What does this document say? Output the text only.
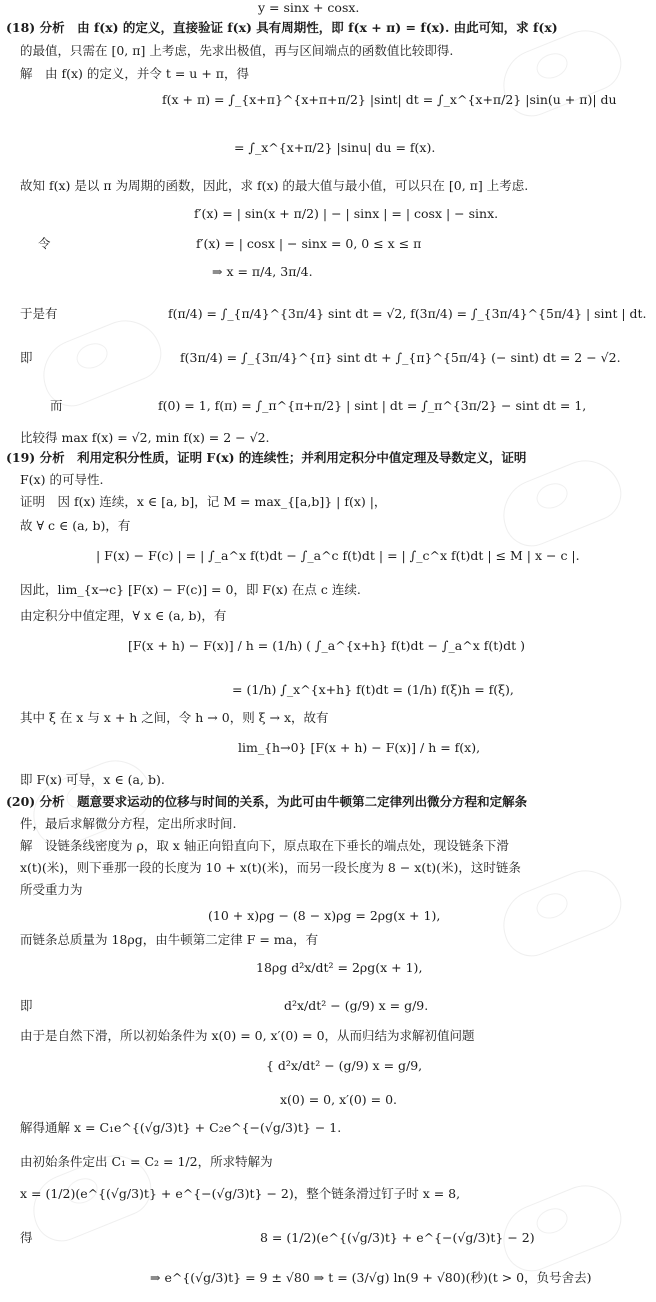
y = sinx + cosx.
(18) 分析　由 f(x) 的定义，直接验证 f(x) 具有周期性，即 f(x + π) = f(x). 由此可知，求 f(x)
的最值，只需在 [0, π] 上考虑，先求出极值，再与区间端点的函数值比较即得.
解　由 f(x) 的定义，并令 t = u + π，得
f(x + π) = ∫_{x+π}^{x+π+π/2} |sint| dt = ∫_x^{x+π/2} |sin(u + π)| du
= ∫_x^{x+π/2} |sinu| du = f(x).
故知 f(x) 是以 π 为周期的函数，因此，求 f(x) 的最大值与最小值，可以只在 [0, π] 上考虑.
f′(x) = | sin(x + π/2) | − | sinx | = | cosx | − sinx.
令	f′(x) = | cosx | − sinx = 0, 0 ≤ x ≤ π
⇒ x = π/4, 3π/4.
于是有	f(π/4) = ∫_{π/4}^{3π/4} sint dt = √2, f(3π/4) = ∫_{3π/4}^{5π/4} | sint | dt.
即	f(3π/4) = ∫_{3π/4}^{π} sint dt + ∫_{π}^{5π/4} (− sint) dt = 2 − √2.
而	f(0) = 1, f(π) = ∫_π^{π+π/2} | sint | dt = ∫_π^{3π/2} − sint dt = 1,
比较得 max f(x) = √2, min f(x) = 2 − √2.
(19) 分析　利用定积分性质，证明 F(x) 的连续性；并利用定积分中值定理及导数定义，证明
F(x) 的可导性.
证明　因 f(x) 连续，x ∈ [a, b]，记 M = max_{[a,b]} | f(x) |，
故 ∀ c ∈ (a, b)，有
| F(x) − F(c) | = | ∫_a^x f(t)dt − ∫_a^c f(t)dt | = | ∫_c^x f(t)dt | ≤ M | x − c |.
因此，lim_{x→c} [F(x) − F(c)] = 0，即 F(x) 在点 c 连续.
由定积分中值定理，∀ x ∈ (a, b)，有
[F(x + h) − F(x)] / h = (1/h) ( ∫_a^{x+h} f(t)dt − ∫_a^x f(t)dt )
= (1/h) ∫_x^{x+h} f(t)dt = (1/h) f(ξ)h = f(ξ),
其中 ξ 在 x 与 x + h 之间，令 h → 0，则 ξ → x，故有
lim_{h→0} [F(x + h) − F(x)] / h = f(x),
即 F(x) 可导，x ∈ (a, b).
(20) 分析　题意要求运动的位移与时间的关系，为此可由牛顿第二定律列出微分方程和定解条
件，最后求解微分方程，定出所求时间.
解　设链条线密度为 ρ，取 x 轴正向铅直向下，原点取在下垂长的端点处，现设链条下滑
x(t)(米)，则下垂那一段的长度为 10 + x(t)(米)，而另一段长度为 8 − x(t)(米)，这时链条
所受重力为
(10 + x)ρg − (8 − x)ρg = 2ρg(x + 1),
而链条总质量为 18ρg，由牛顿第二定律 F = ma，有
18ρg d²x/dt² = 2ρg(x + 1),
即	d²x/dt² − (g/9) x = g/9.
由于是自然下滑，所以初始条件为 x(0) = 0, x′(0) = 0，从而归结为求解初值问题
{ d²x/dt² − (g/9) x = g/9,
x(0) = 0, x′(0) = 0.
解得通解 x = C₁e^{(√g/3)t} + C₂e^{−(√g/3)t} − 1.
由初始条件定出 C₁ = C₂ = 1/2，所求特解为
x = (1/2)(e^{(√g/3)t} + e^{−(√g/3)t} − 2)，整个链条滑过钉子时 x = 8,
得	8 = (1/2)(e^{(√g/3)t} + e^{−(√g/3)t} − 2)
⇒ e^{(√g/3)t} = 9 ± √80 ⇒ t = (3/√g) ln(9 + √80)(秒)(t > 0，负号舍去)
